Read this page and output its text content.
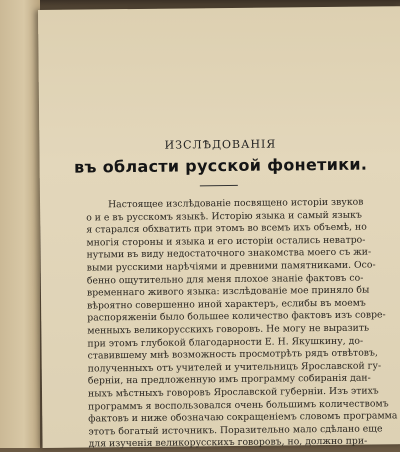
ИЗСЛѢДОВАНІЯ
въ области русской фонетики.
Настоящее изслѣдованіе посвящено исторіи звуков
о и е въ русскомъ языкѣ. Исторію языка и самый языкъ
я старался обхватить при этомъ во всемъ ихъ объемѣ, но
многія стороны и языка и его исторіи остались неватро-
нутыми въ виду недостаточного знакомства моего съ жи-
выми русскими нарѣчіями и древними памятниками. Осо-
бенно ощутительно для меня плохое знаніе фактовъ со-
временнаго живого языка: изслѣдованіе мое приняло бы
вѣроятно совершенно иной характеръ, еслибы въ моемъ
распоряженіи было большее количество фактовъ изъ совре-
менныхъ великорусскихъ говоровъ. Не могу не выразить
при этомъ глубокой благодарности Е. Н. Якушкину, до-
ставившему мнѣ возможность просмотрѣть рядъ отвѣтовъ,
полученныхъ отъ учителей и учительницъ Ярославской гу-
берніи, на предложенную имъ программу собиранія дан-
ныхъ мѣстныхъ говоровъ Ярославской губерніи. Изъ этихъ
программъ я воспользовался очень большимъ количествомъ
фактовъ и ниже обозначаю сокращеніемъ словомъ программа
этотъ богатый источникъ. Поразительно мало сдѣлано еще
для изученія великорусскихъ говоровъ, но, должно при-
